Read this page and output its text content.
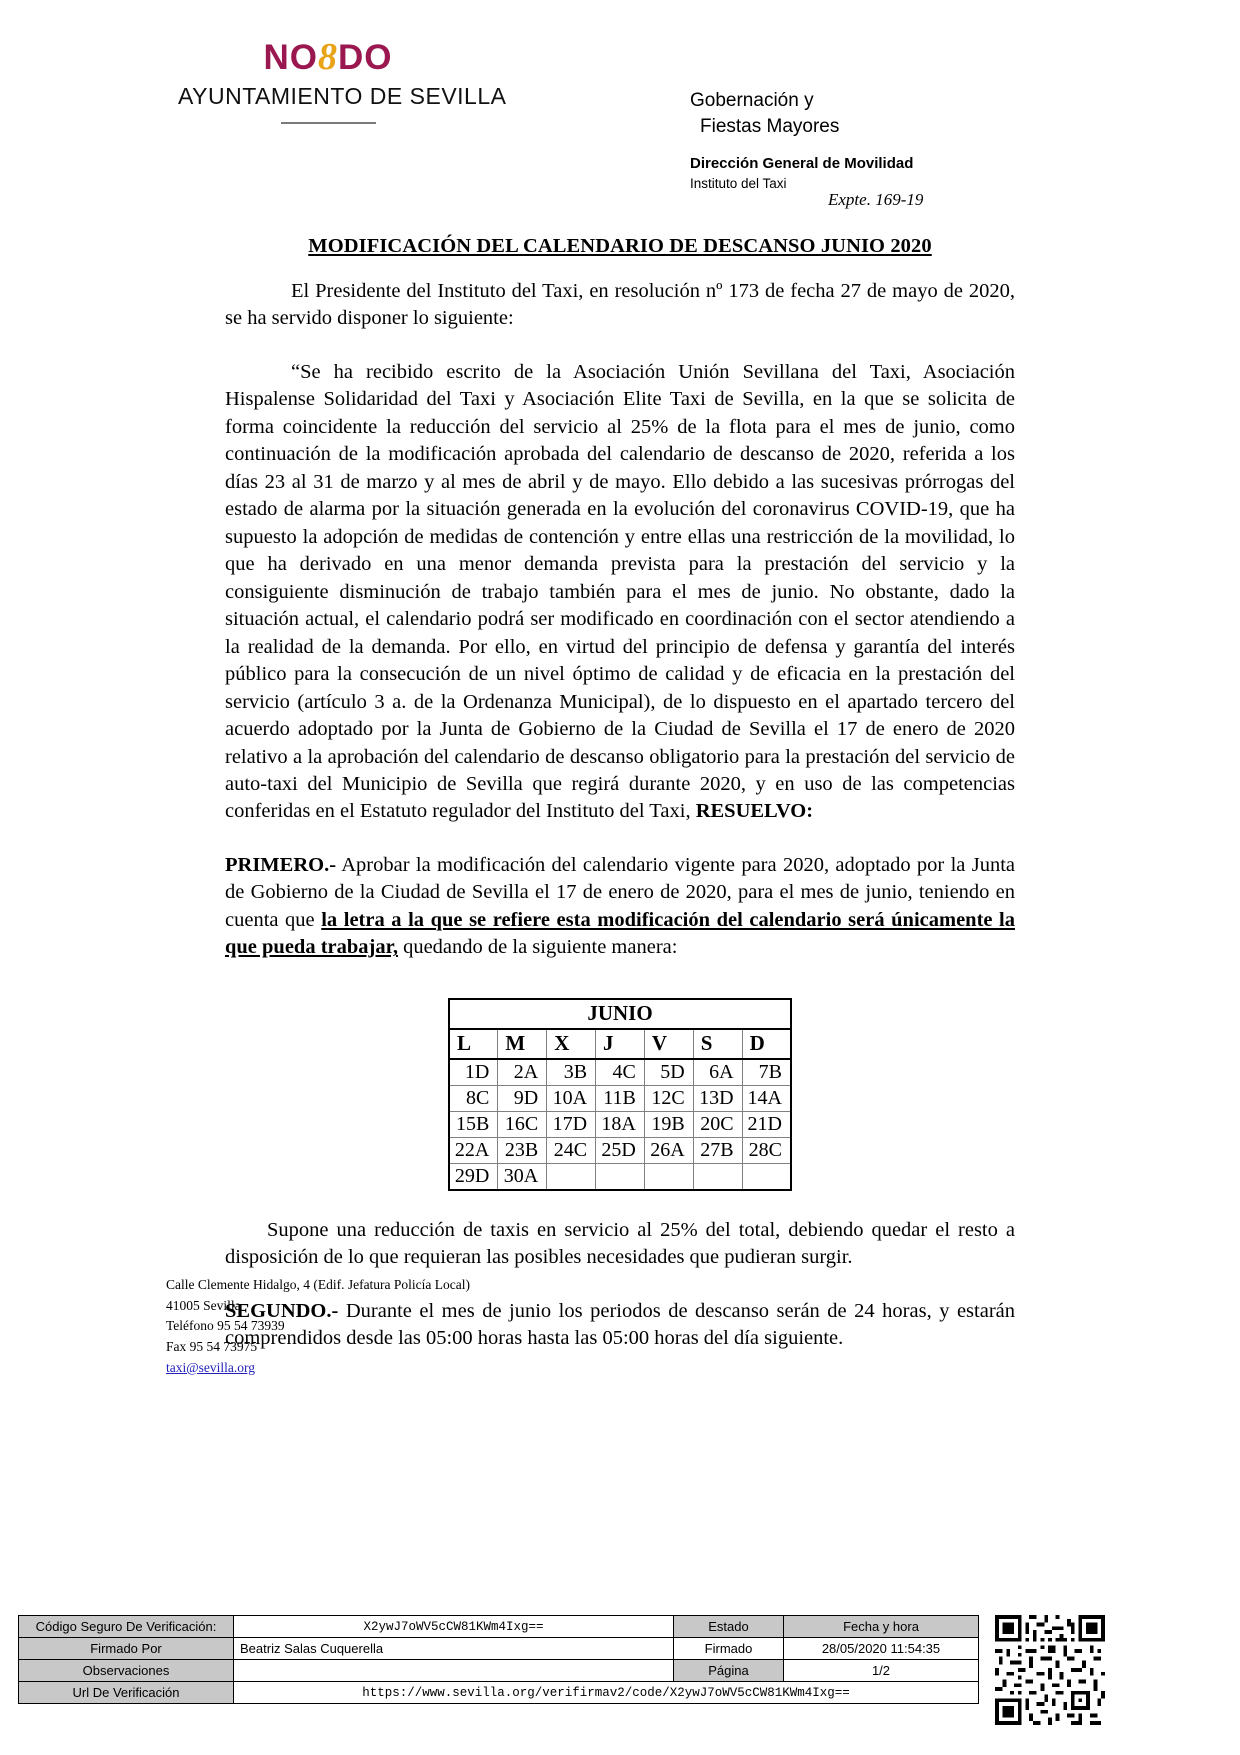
NO8DO
AYUNTAMIENTO DE SEVILLA	Gobernación y
Fiestas Mayores
Dirección General de Movilidad
Instituto del Taxi
Expte. 169-19
MODIFICACIÓN DEL CALENDARIO DE DESCANSO JUNIO 2020

El Presidente del Instituto del Taxi, en resolución nº 173 de fecha 27 de mayo de 2020, se ha servido disponer lo siguiente:

“Se ha recibido escrito de la Asociación Unión Sevillana del Taxi, Asociación Hispalense Solidaridad del Taxi y Asociación Elite Taxi de Sevilla, en la que se solicita de forma coincidente la reducción del servicio al 25% de la flota para el mes de junio, como continuación de la modificación aprobada del calendario de descanso de 2020, referida a los días 23 al 31 de marzo y al mes de abril y de mayo. Ello debido a las sucesivas prórrogas del estado de alarma por la situación generada en la evolución del coronavirus COVID-19, que ha supuesto la adopción de medidas de contención y entre ellas una restricción de la movilidad, lo que ha derivado en una menor demanda prevista para la prestación del servicio y la consiguiente disminución de trabajo también para el mes de junio. No obstante, dado la situación actual, el calendario podrá ser modificado en coordinación con el sector atendiendo a la realidad de la demanda. Por ello, en virtud del principio de defensa y garantía del interés público para la consecución de un nivel óptimo de calidad y de eficacia en la prestación del servicio (artículo 3 a. de la Ordenanza Municipal), de lo dispuesto en el apartado tercero del acuerdo adoptado por la Junta de Gobierno de la Ciudad de Sevilla el 17 de enero de 2020 relativo a la aprobación del calendario de descanso obligatorio para la prestación del servicio de auto-taxi del Municipio de Sevilla que regirá durante 2020, y en uso de las competencias conferidas en el Estatuto regulador del Instituto del Taxi, RESUELVO:

PRIMERO.- Aprobar la modificación del calendario vigente para 2020, adoptado por la Junta de Gobierno de la Ciudad de Sevilla el 17 de enero de 2020, para el mes de junio, teniendo en cuenta que la letra a la que se refiere esta modificación del calendario será únicamente la que pueda trabajar, quedando de la siguiente manera:

JUNIO						
L	M	X	J	V	S	D
1D	2A	3B	4C	5D	6A	7B
8C	9D	10A	11B	12C	13D	14A
15B	16C	17D	18A	19B	20C	21D
22A	23B	24C	25D	26A	27B	28C
29D	30A					

Supone una reducción de taxis en servicio al 25% del total, debiendo quedar el resto a disposición de lo que requieran las posibles necesidades que pudieran surgir.

SEGUNDO.- Durante el mes de junio los periodos de descanso serán de 24 horas, y estarán comprendidos desde las 05:00 horas hasta las 05:00 horas del día siguiente.

Calle Clemente Hidalgo, 4 (Edif. Jefatura Policía Local)
41005 Sevilla
Teléfono 95 54 73939
Fax 95 54 73975
taxi@sevilla.org
Código Seguro De Verificación:	X2ywJ7oWV5cCW81KWm4Ixg==	Estado	Fecha y hora
Firmado Por	Beatriz Salas Cuquerella	Firmado	28/05/2020 11:54:35
Observaciones		Página	1/2
Url De Verificación	https://www.sevilla.org/verifirmav2/code/X2ywJ7oWV5cCW81KWm4Ixg==		
